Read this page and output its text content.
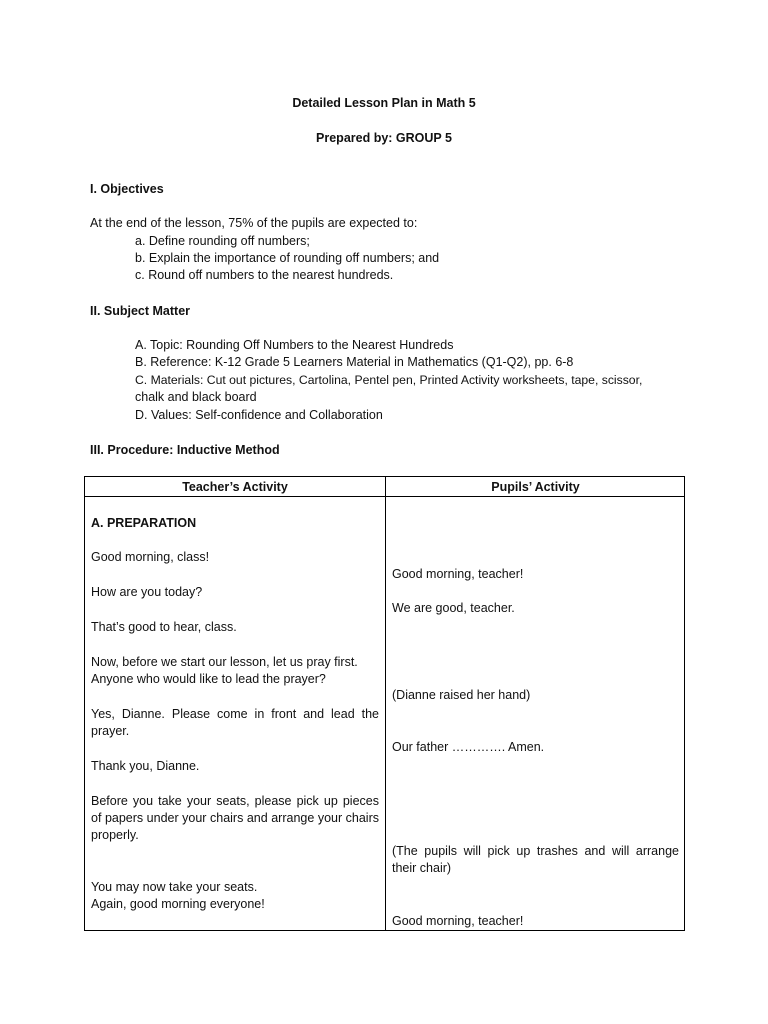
Detailed Lesson Plan in Math 5
Prepared by: GROUP 5
I. Objectives
At the end of the lesson, 75% of the pupils are expected to:
a. Define rounding off numbers;
b. Explain the importance of rounding off numbers; and
c. Round off numbers to the nearest hundreds.
II. Subject Matter
A. Topic: Rounding Off Numbers to the Nearest Hundreds
B. Reference: K-12 Grade 5 Learners Material in Mathematics (Q1-Q2), pp. 6-8
C. Materials: Cut out pictures, Cartolina, Pentel pen, Printed Activity worksheets, tape, scissor,
chalk and black board
D. Values: Self-confidence and Collaboration
III. Procedure: Inductive Method
Teacher’s Activity	Pupils’ Activity
A. PREPARATION
Good morning, class!
How are you today?
That’s good to hear, class.
Now, before we start our lesson, let us pray first. Anyone who would like to lead the prayer?
Yes, Dianne. Please come in front and lead the prayer.
Thank you, Dianne.
Before you take your seats, please pick up pieces of papers under your chairs and arrange your chairs properly.
You may now take your seats.
Again, good morning everyone!
Good morning, teacher!
We are good, teacher.
(Dianne raised her hand)
Our father …………. Amen.
(The pupils will pick up trashes and will arrange their chair)
Good morning, teacher!
